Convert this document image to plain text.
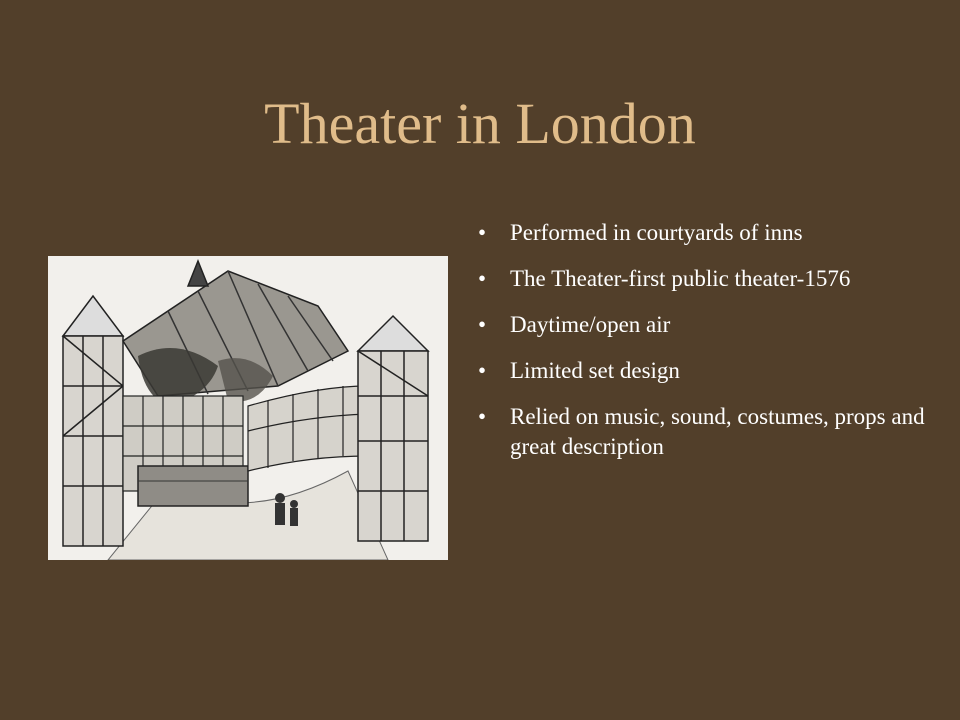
Theater in London
•	Performed in courtyards of inns
•	The Theater-first public theater-1576
•	Daytime/open air
•	Limited set design
•	Relied on music, sound, costumes, props and great description
